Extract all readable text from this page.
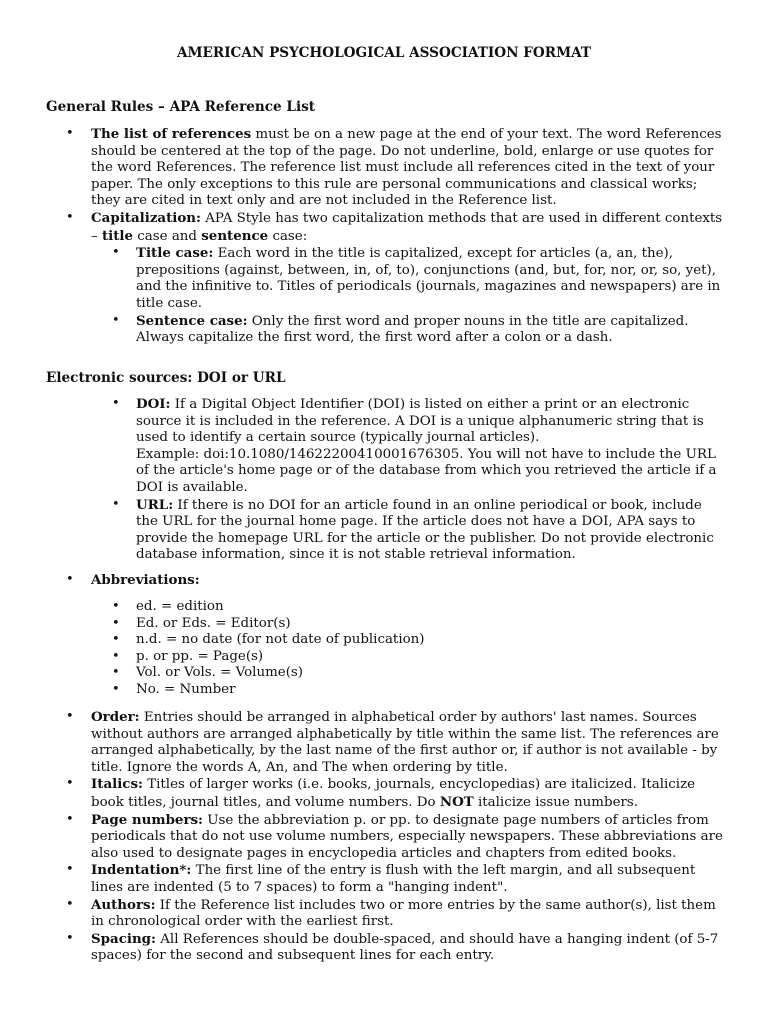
AMERICAN PSYCHOLOGICAL ASSOCIATION FORMAT
General Rules – APA Reference List
• The list of references must be on a new page at the end of your text. The word References should be centered at the top of the page. Do not underline, bold, enlarge or use quotes for the word References. The reference list must include all references cited in the text of your paper. The only exceptions to this rule are personal communications and classical works; they are cited in text only and are not included in the Reference list.
• Capitalization: APA Style has two capitalization methods that are used in different contexts – title case and sentence case:
• Title case: Each word in the title is capitalized, except for articles (a, an, the), prepositions (against, between, in, of, to), conjunctions (and, but, for, nor, or, so, yet), and the infinitive to. Titles of periodicals (journals, magazines and newspapers) are in title case.
• Sentence case: Only the first word and proper nouns in the title are capitalized. Always capitalize the first word, the first word after a colon or a dash.
Electronic sources: DOI or URL
• DOI: If a Digital Object Identifier (DOI) is listed on either a print or an electronic source it is included in the reference. A DOI is a unique alphanumeric string that is used to identify a certain source (typically journal articles).
Example: doi:10.1080/14622200410001676305. You will not have to include the URL of the article's home page or of the database from which you retrieved the article if a DOI is available.
• URL: If there is no DOI for an article found in an online periodical or book, include the URL for the journal home page. If the article does not have a DOI, APA says to provide the homepage URL for the article or the publisher. Do not provide electronic database information, since it is not stable retrieval information.
• Abbreviations:
• ed. = edition
• Ed. or Eds. = Editor(s)
• n.d. = no date (for not date of publication)
• p. or pp. = Page(s)
• Vol. or Vols. = Volume(s)
• No. = Number
• Order: Entries should be arranged in alphabetical order by authors' last names. Sources without authors are arranged alphabetically by title within the same list. The references are arranged alphabetically, by the last name of the first author or, if author is not available - by title. Ignore the words A, An, and The when ordering by title.
• Italics: Titles of larger works (i.e. books, journals, encyclopedias) are italicized. Italicize book titles, journal titles, and volume numbers. Do NOT italicize issue numbers.
• Page numbers: Use the abbreviation p. or pp. to designate page numbers of articles from periodicals that do not use volume numbers, especially newspapers. These abbreviations are also used to designate pages in encyclopedia articles and chapters from edited books.
• Indentation*: The first line of the entry is flush with the left margin, and all subsequent lines are indented (5 to 7 spaces) to form a "hanging indent".
• Authors: If the Reference list includes two or more entries by the same author(s), list them in chronological order with the earliest first.
• Spacing: All References should be double-spaced, and should have a hanging indent (of 5-7 spaces) for the second and subsequent lines for each entry.
